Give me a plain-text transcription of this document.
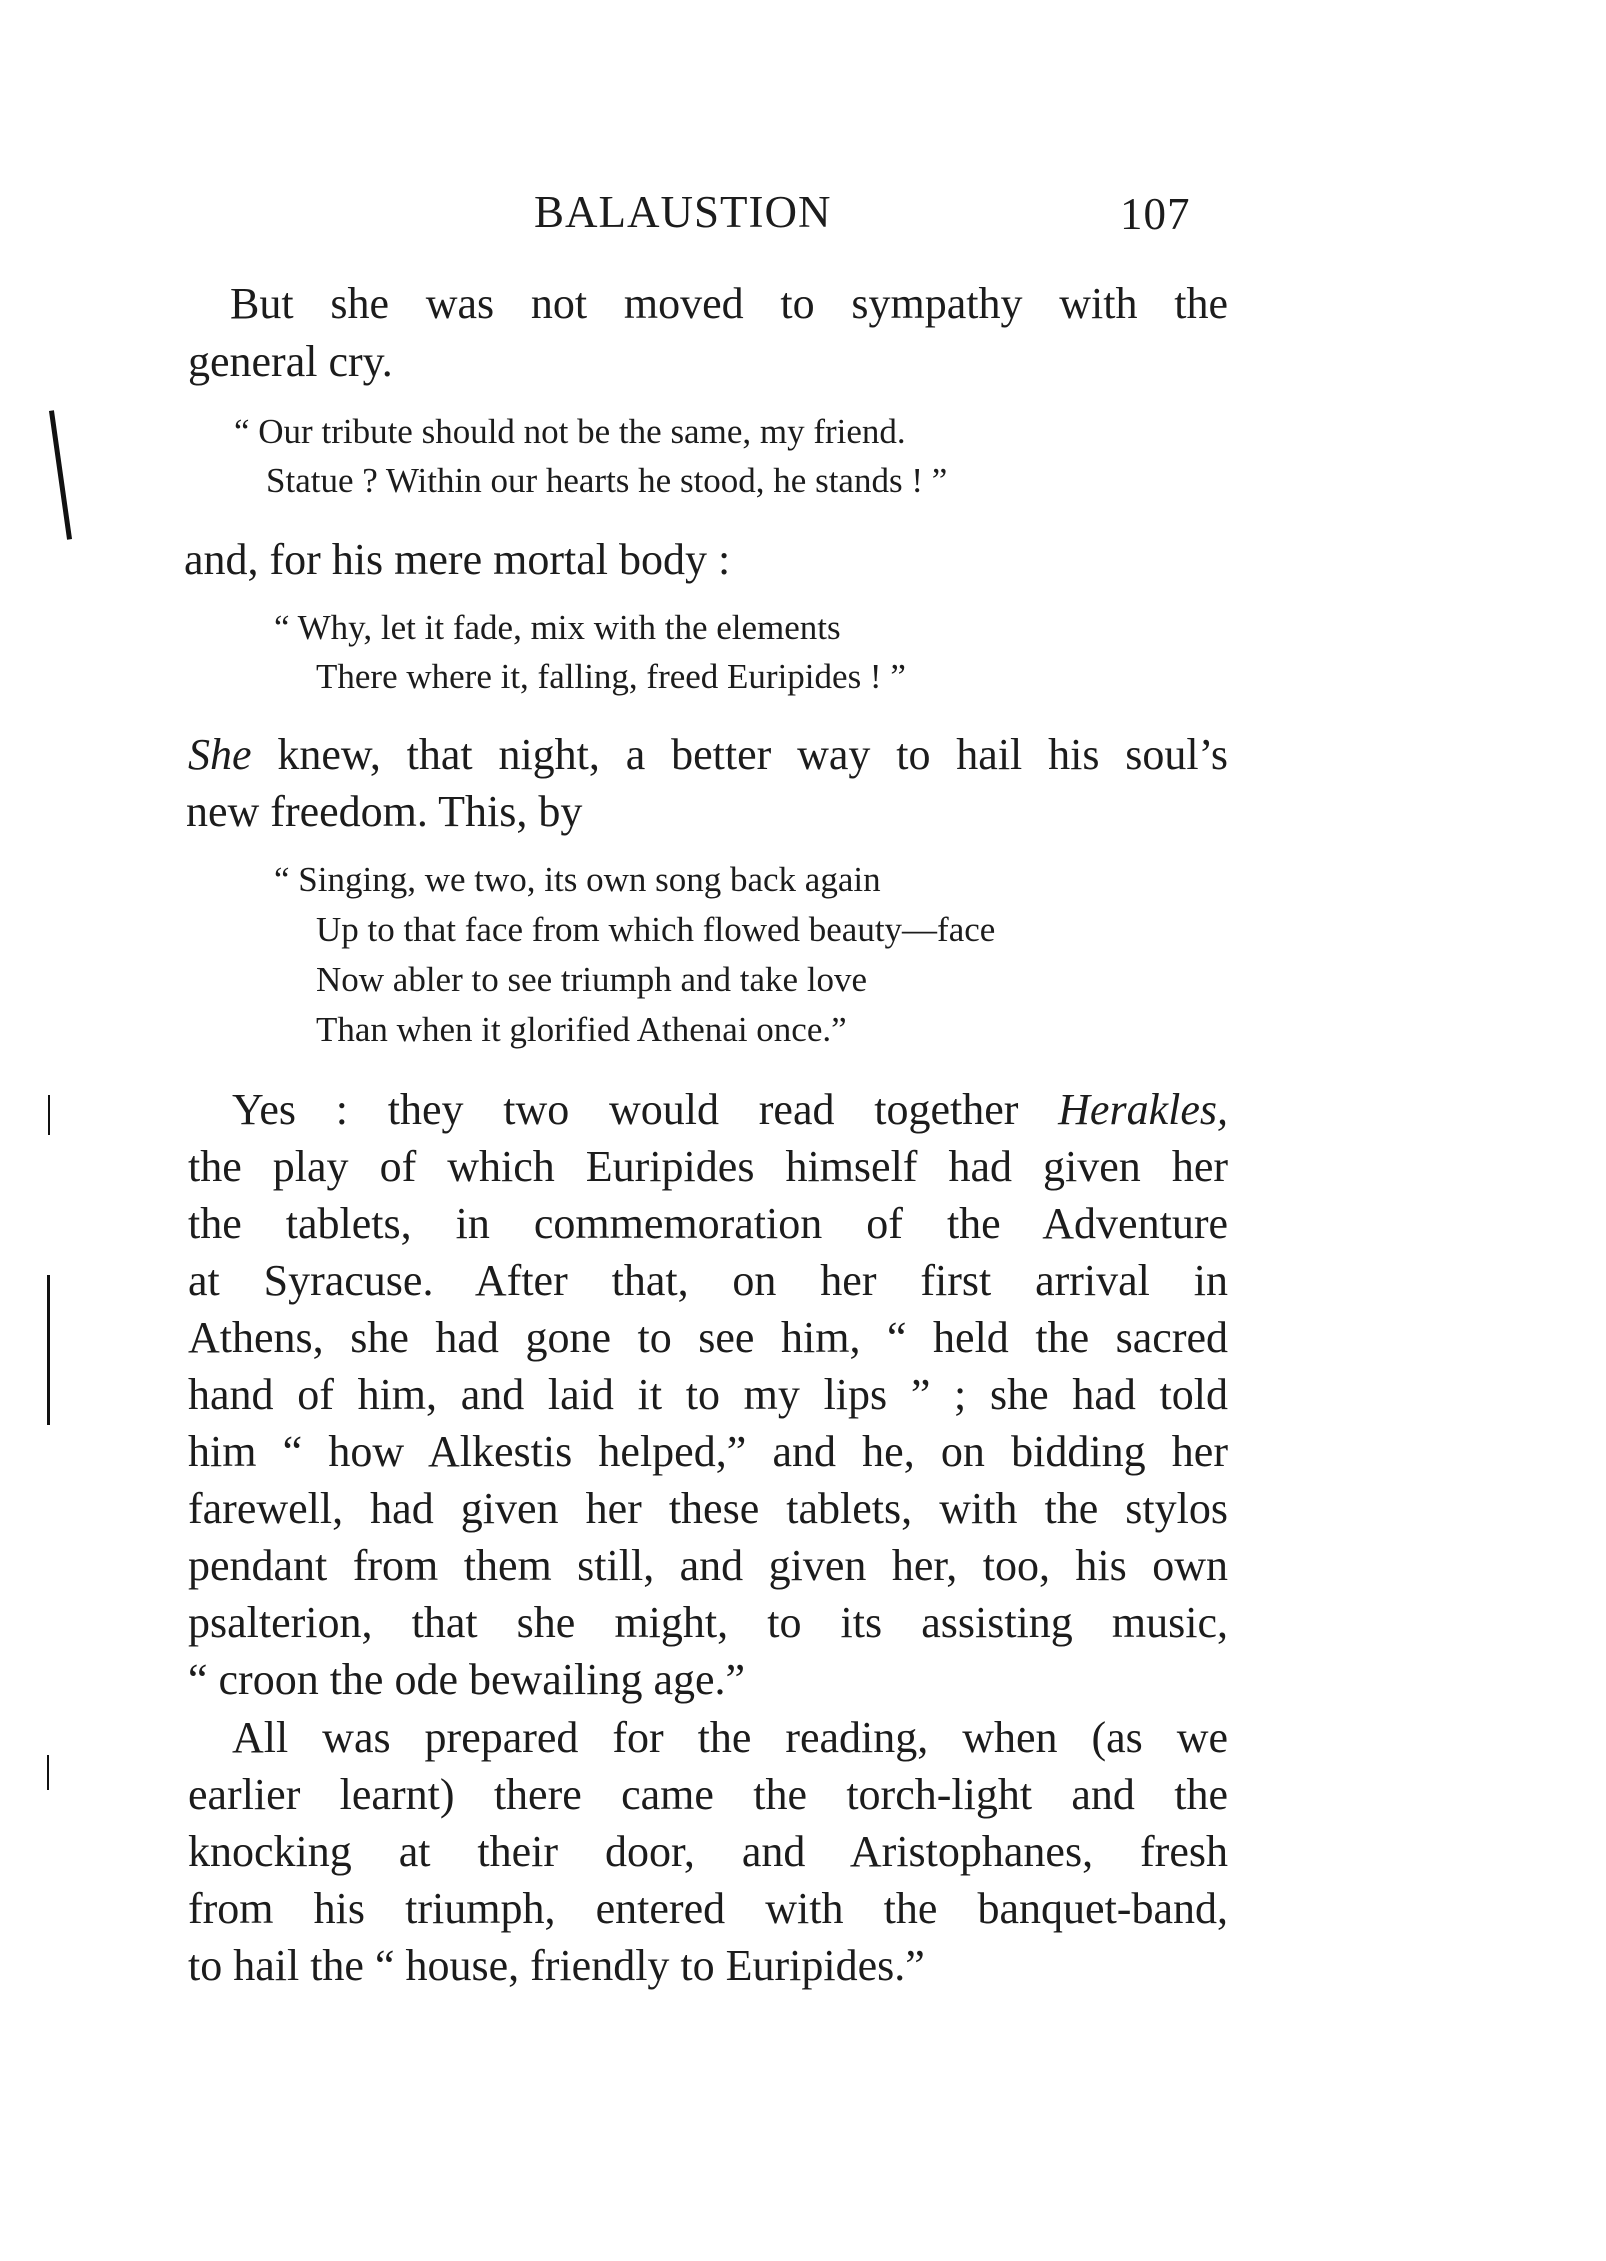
BALAUSTION	107
But she was not moved to sympathy with the
general cry.
“ Our tribute should not be the same, my friend.
Statue ? Within our hearts he stood, he stands ! ”
and, for his mere mortal body :
“ Why, let it fade, mix with the elements
There where it, falling, freed Euripides ! ”
She knew, that night, a better way to hail his soul’s
new freedom. This, by
“ Singing, we two, its own song back again
Up to that face from which flowed beauty—face
Now abler to see triumph and take love
Than when it glorified Athenai once.”
Yes : they two would read together Herakles,
the play of which Euripides himself had given her
the tablets, in commemoration of the Adventure
at Syracuse. After that, on her first arrival in
Athens, she had gone to see him, “ held the sacred
hand of him, and laid it to my lips ” ; she had told
him “ how Alkestis helped,” and he, on bidding her
farewell, had given her these tablets, with the stylos
pendant from them still, and given her, too, his own
psalterion, that she might, to its assisting music,
“ croon the ode bewailing age.”
All was prepared for the reading, when (as we
earlier learnt) there came the torch-light and the
knocking at their door, and Aristophanes, fresh
from his triumph, entered with the banquet-band,
to hail the “ house, friendly to Euripides.”
